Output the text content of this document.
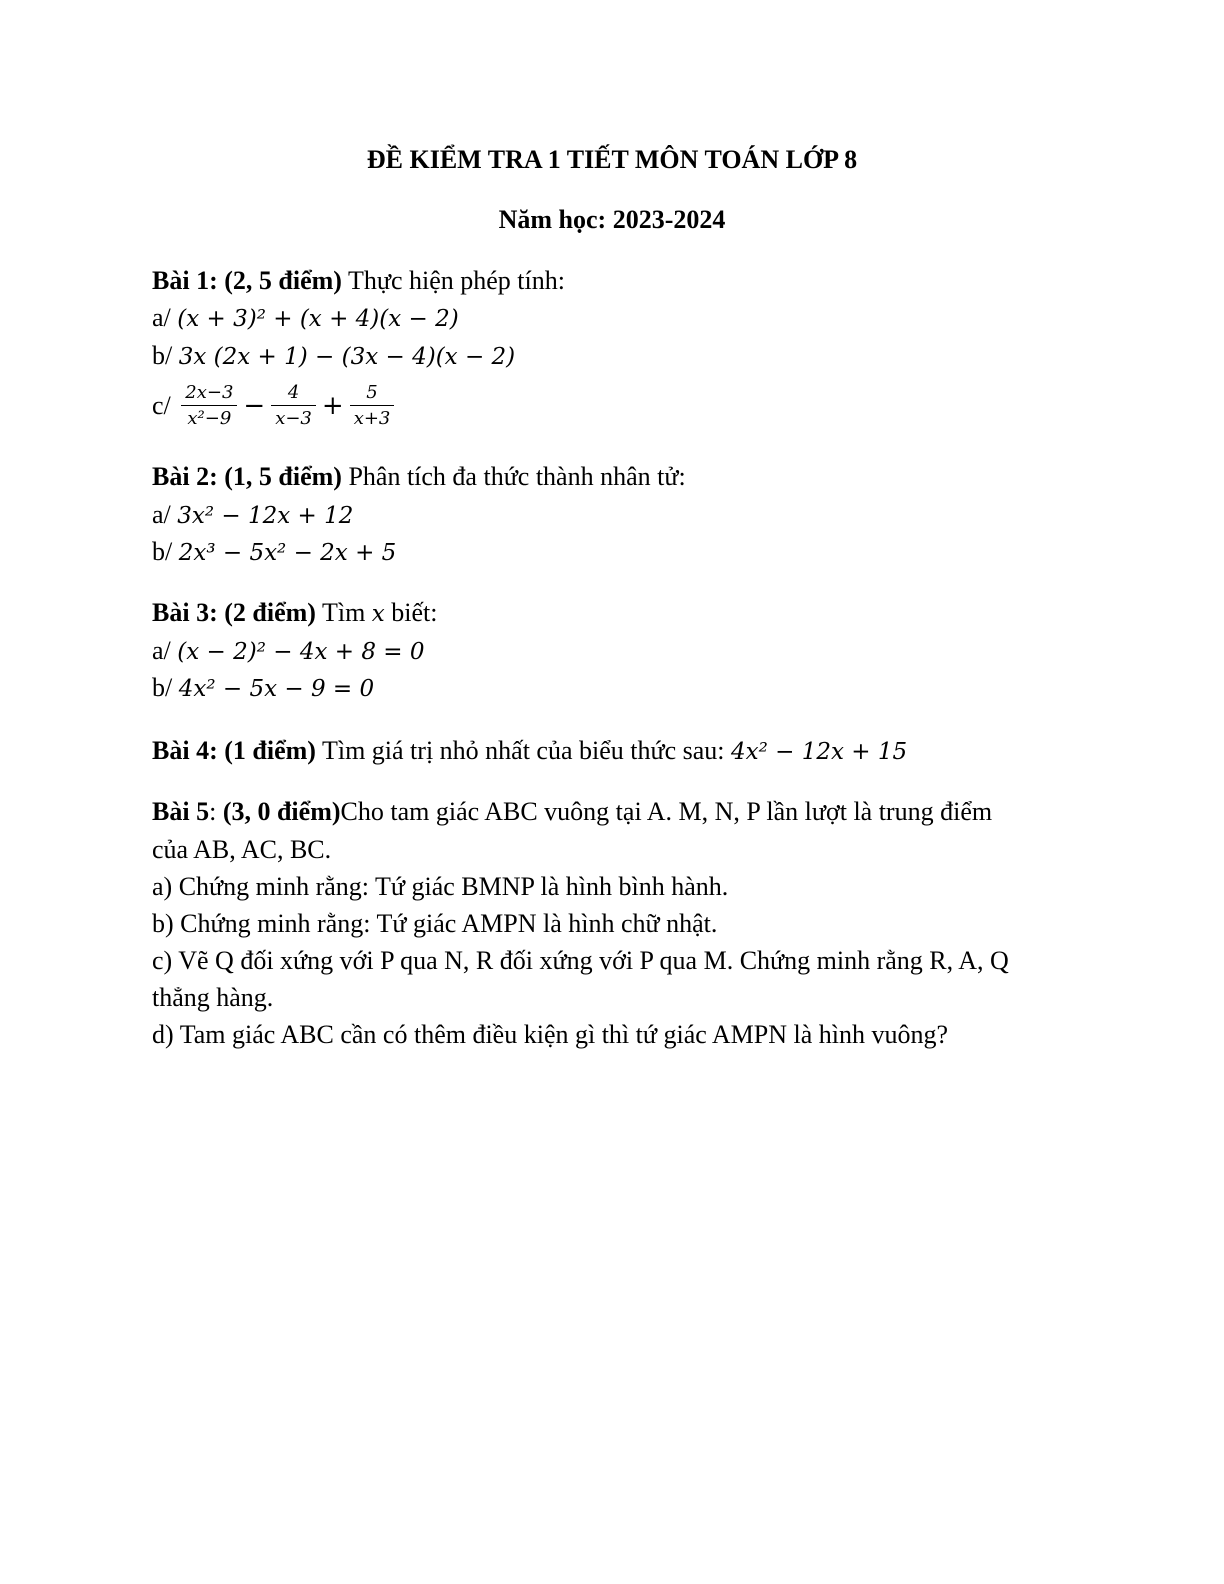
ĐỀ KIỂM TRA 1 TIẾT MÔN TOÁN LỚP 8
Năm học: 2023-2024
Bài 1: (2, 5 điểm) Thực hiện phép tính:
a/ (x + 3)² + (x + 4)(x − 2)
b/ 3x (2x + 1) − (3x − 4)(x − 2)
$c/ \frac{2x-3}{\text{x²−9}} - \frac{4}{x-3} + \frac{5}{x+3}$
Bài 2: (1, 5 điểm) Phân tích đa thức thành nhân tử:
a/ 3x² − 12x + 12
b/ 2x³ − 5x² − 2x + 5
Bài 3: (2 điểm) Tìm x biết:
a/ (x − 2)² − 4x + 8 = 0
b/ 4x² − 5x − 9 = 0
Bài 4: (1 điểm) Tìm giá trị nhỏ nhất của biểu thức sau: 4x² − 12x + 15
Bài 5: (3, 0 điểm)Cho tam giác ABC vuông tại A. M, N, P lần lượt là trung điểm
của AB, AC, BC.
a) Chứng minh rằng: Tứ giác BMNP là hình bình hành.
b) Chứng minh rằng: Tứ giác AMPN là hình chữ nhật.
c) Vẽ Q đối xứng với P qua N, R đối xứng với P qua M. Chứng minh rằng R, A, Q
thẳng hàng.
d) Tam giác ABC cần có thêm điều kiện gì thì tứ giác AMPN là hình vuông?
